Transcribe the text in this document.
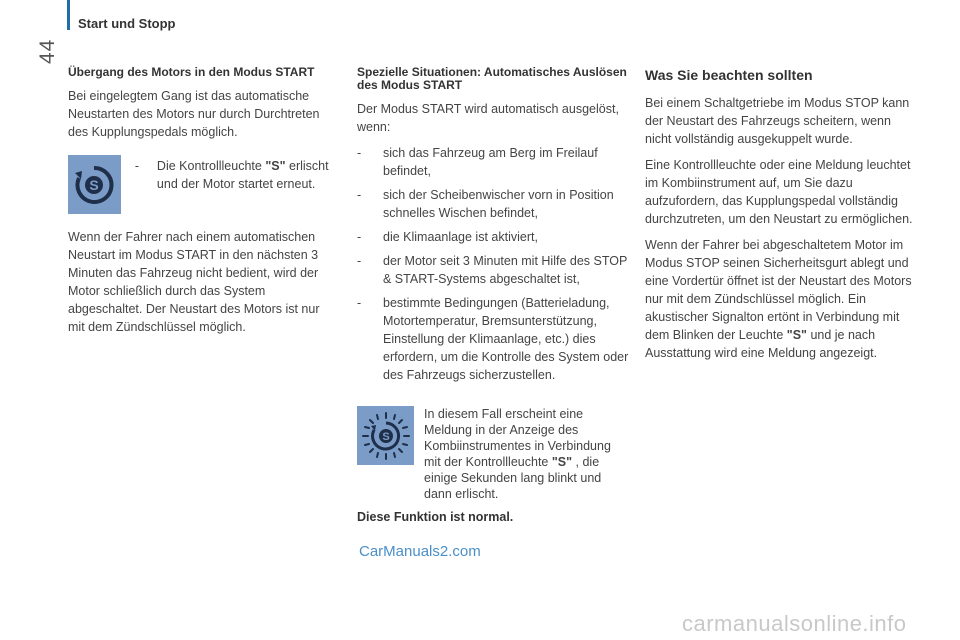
44
Start und Stopp
Übergang des Motors in den Modus START

Bei eingelegtem Gang ist das automatische Neustarten des Motors nur durch Durchtreten des Kupplungspedals möglich.

S
- Die Kontrollleuchte "S" erlischt und der Motor startet erneut.

Wenn der Fahrer nach einem automatischen Neustart im Modus START in den nächsten 3 Minuten das Fahrzeug nicht bedient, wird der Motor schließlich durch das System abgeschaltet. Der Neustart des Motors ist nur mit dem Zündschlüssel möglich.

Spezielle Situationen: Automatisches Auslösen des Modus START

Der Modus START wird automatisch ausgelöst, wenn:

- sich das Fahrzeug am Berg im Freilauf befindet,
- sich der Scheibenwischer vorn in Position schnelles Wischen befindet,
- die Klimaanlage ist aktiviert,
- der Motor seit 3 Minuten mit Hilfe des STOP & START-Systems abgeschaltet ist,
- bestimmte Bedingungen (Batterieladung, Motortemperatur, Bremsunterstützung, Einstellung der Klimaanlage, etc.) dies erfordern, um die Kontrolle des System oder des Fahrzeugs sicherzustellen.
S
In diesem Fall erscheint eine Meldung in der Anzeige des Kombiinstrumentes in Verbindung mit der Kontrollleuchte "S" , die einige Sekunden lang blinkt und dann erlischt.
Diese Funktion ist normal.
Was Sie beachten sollten

Bei einem Schaltgetriebe im Modus STOP kann der Neustart des Fahrzeugs scheitern, wenn nicht vollständig ausgekuppelt wurde.

Eine Kontrollleuchte oder eine Meldung leuchtet im Kombiinstrument auf, um Sie dazu aufzufordern, das Kupplungspedal vollständig durchzutreten, um den Neustart zu ermöglichen.

Wenn der Fahrer bei abgeschaltetem Motor im Modus STOP seinen Sicherheitsgurt ablegt und eine Vordertür öffnet ist der Neustart des Motors nur mit dem Zündschlüssel möglich. Ein akustischer Signalton ertönt in Verbindung mit dem Blinken der Leuchte "S" und je nach Ausstattung wird eine Meldung angezeigt.

CarManuals2.com
carmanualsonline.info
